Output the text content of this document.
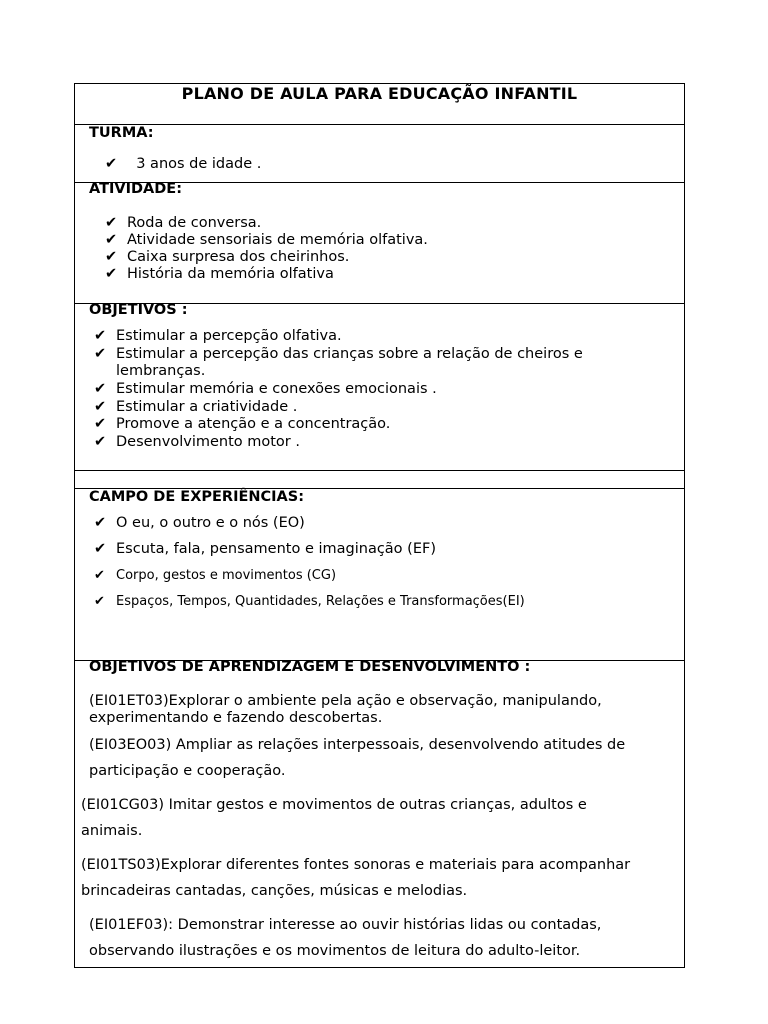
PLANO DE AULA PARA EDUCAÇÃO INFANTIL
TURMA:
✔ 3 anos de idade .
ATIVIDADE:
✔ Roda de conversa.
✔ Atividade sensoriais de memória olfativa.
✔ Caixa surpresa dos cheirinhos.
✔ História da memória olfativa
OBJETIVOS :
✔ Estimular a percepção olfativa.
✔ Estimular a percepção das crianças sobre a relação de cheiros e
lembranças.
✔ Estimular memória e conexões emocionais .
✔ Estimular a criatividade .
✔ Promove a atenção e a concentração.
✔ Desenvolvimento motor .
CAMPO DE EXPERIÊNCIAS:
✔ O eu, o outro e o nós (EO)
✔ Escuta, fala, pensamento e imaginação (EF)
✔ Corpo, gestos e movimentos (CG)
✔ Espaços, Tempos, Quantidades, Relações e Transformações(EI)
OBJETIVOS DE APRENDIZAGEM E DESENVOLVIMENTO :
(EI01ET03)Explorar o ambiente pela ação e observação, manipulando,
experimentando e fazendo descobertas.
(EI03EO03) Ampliar as relações interpessoais, desenvolvendo atitudes de
participação e cooperação.
(EI01CG03) Imitar gestos e movimentos de outras crianças, adultos e
animais.
(EI01TS03)Explorar diferentes fontes sonoras e materiais para acompanhar
brincadeiras cantadas, canções, músicas e melodias.
(EI01EF03): Demonstrar interesse ao ouvir histórias lidas ou contadas,
observando ilustrações e os movimentos de leitura do adulto-leitor.
